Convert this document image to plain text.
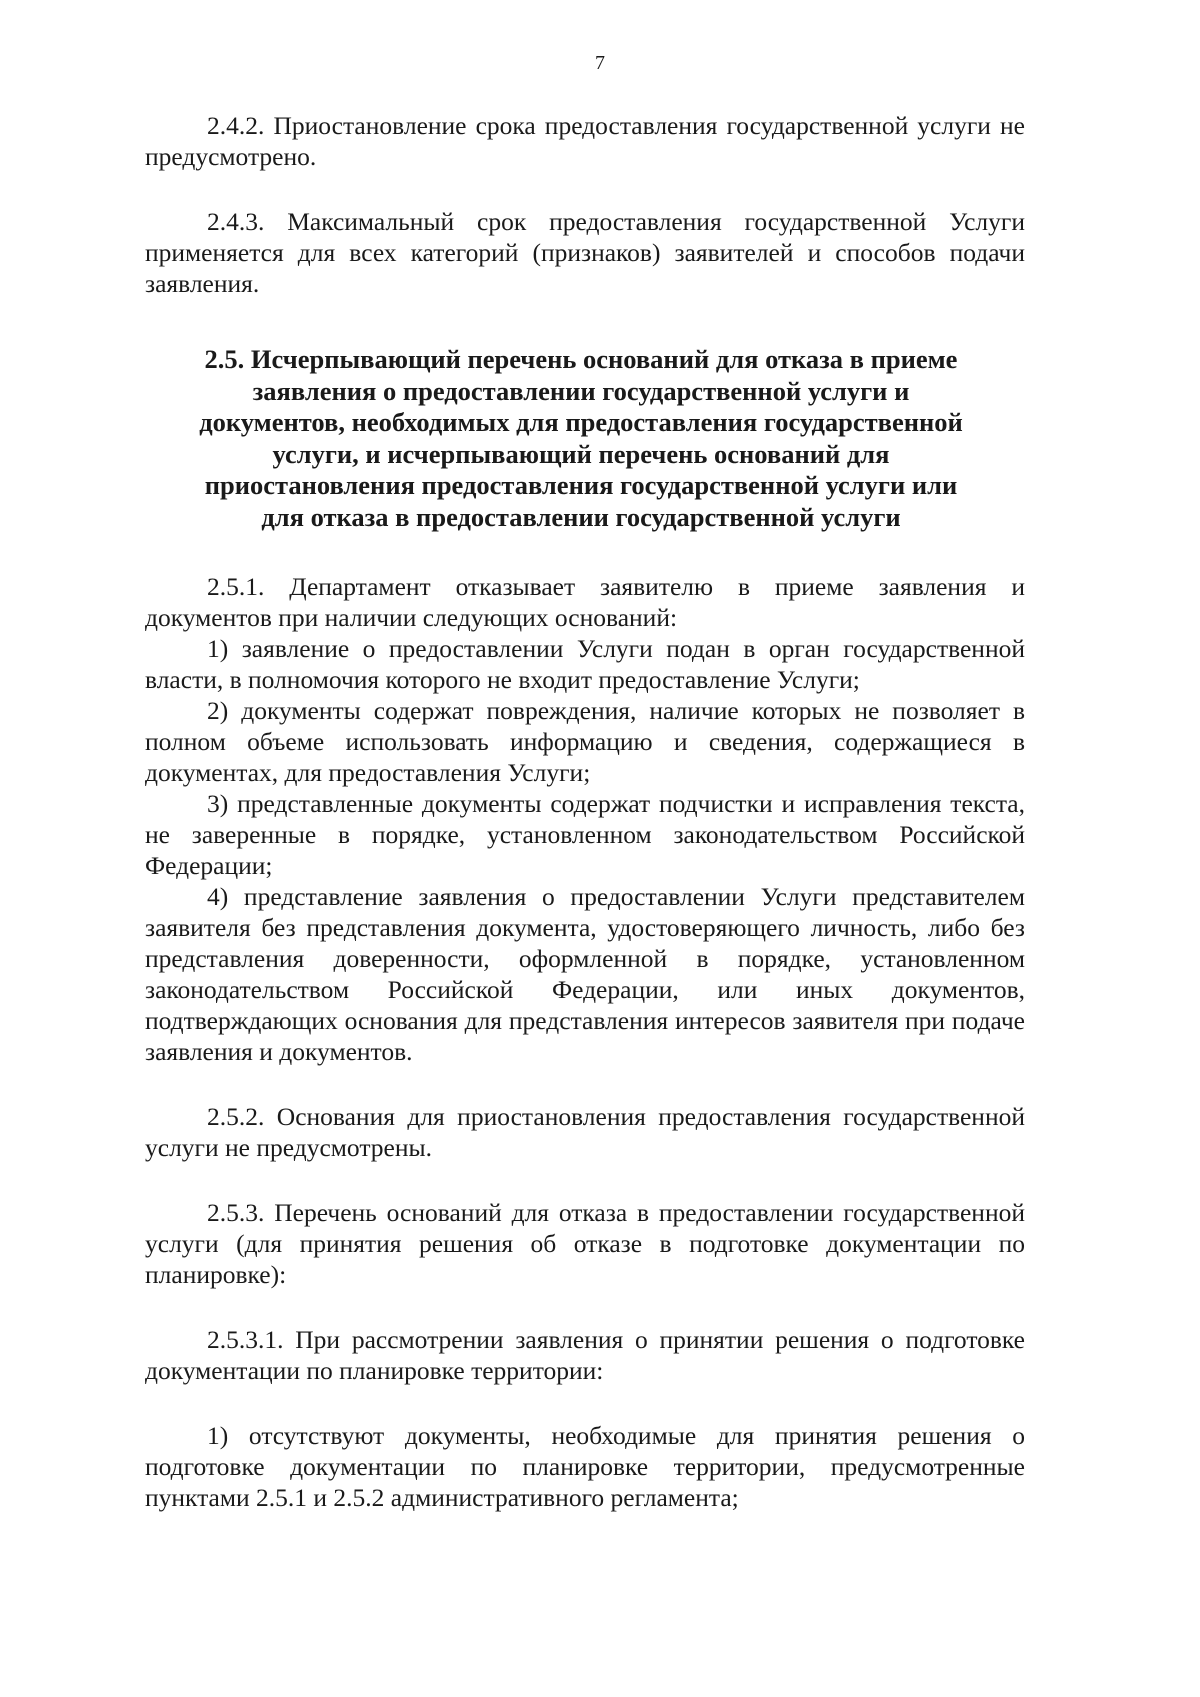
7

2.4.2. Приостановление срока предоставления государственной услуги не предусмотрено.

2.4.3. Максимальный срок предоставления государственной Услуги применяется для всех категорий (признаков) заявителей и способов подачи заявления.

2.5. Исчерпывающий перечень оснований для отказа в приеме заявления о предоставлении государственной услуги и документов, необходимых для предоставления государственной услуги, и исчерпывающий перечень оснований для приостановления предоставления государственной услуги или для отказа в предоставлении государственной услуги

2.5.1. Департамент отказывает заявителю в приеме заявления и документов при наличии следующих оснований:

1) заявление о предоставлении Услуги подан в орган государственной власти, в полномочия которого не входит предоставление Услуги;

2) документы содержат повреждения, наличие которых не позволяет в полном объеме использовать информацию и сведения, содержащиеся в документах, для предоставления Услуги;

3) представленные документы содержат подчистки и исправления текста, не заверенные в порядке, установленном законодательством Российской Федерации;

4) представление заявления о предоставлении Услуги представителем заявителя без представления документа, удостоверяющего личность, либо без представления доверенности, оформленной в порядке, установленном законодательством Российской Федерации, или иных документов, подтверждающих основания для представления интересов заявителя при подаче заявления и документов.

2.5.2. Основания для приостановления предоставления государственной услуги не предусмотрены.

2.5.3. Перечень оснований для отказа в предоставлении государственной услуги (для принятия решения об отказе в подготовке документации по планировке):

2.5.3.1. При рассмотрении заявления о принятии решения о подготовке документации по планировке территории:

1) отсутствуют документы, необходимые для принятия решения о подготовке документации по планировке территории, предусмотренные пунктами 2.5.1 и 2.5.2 административного регламента;
